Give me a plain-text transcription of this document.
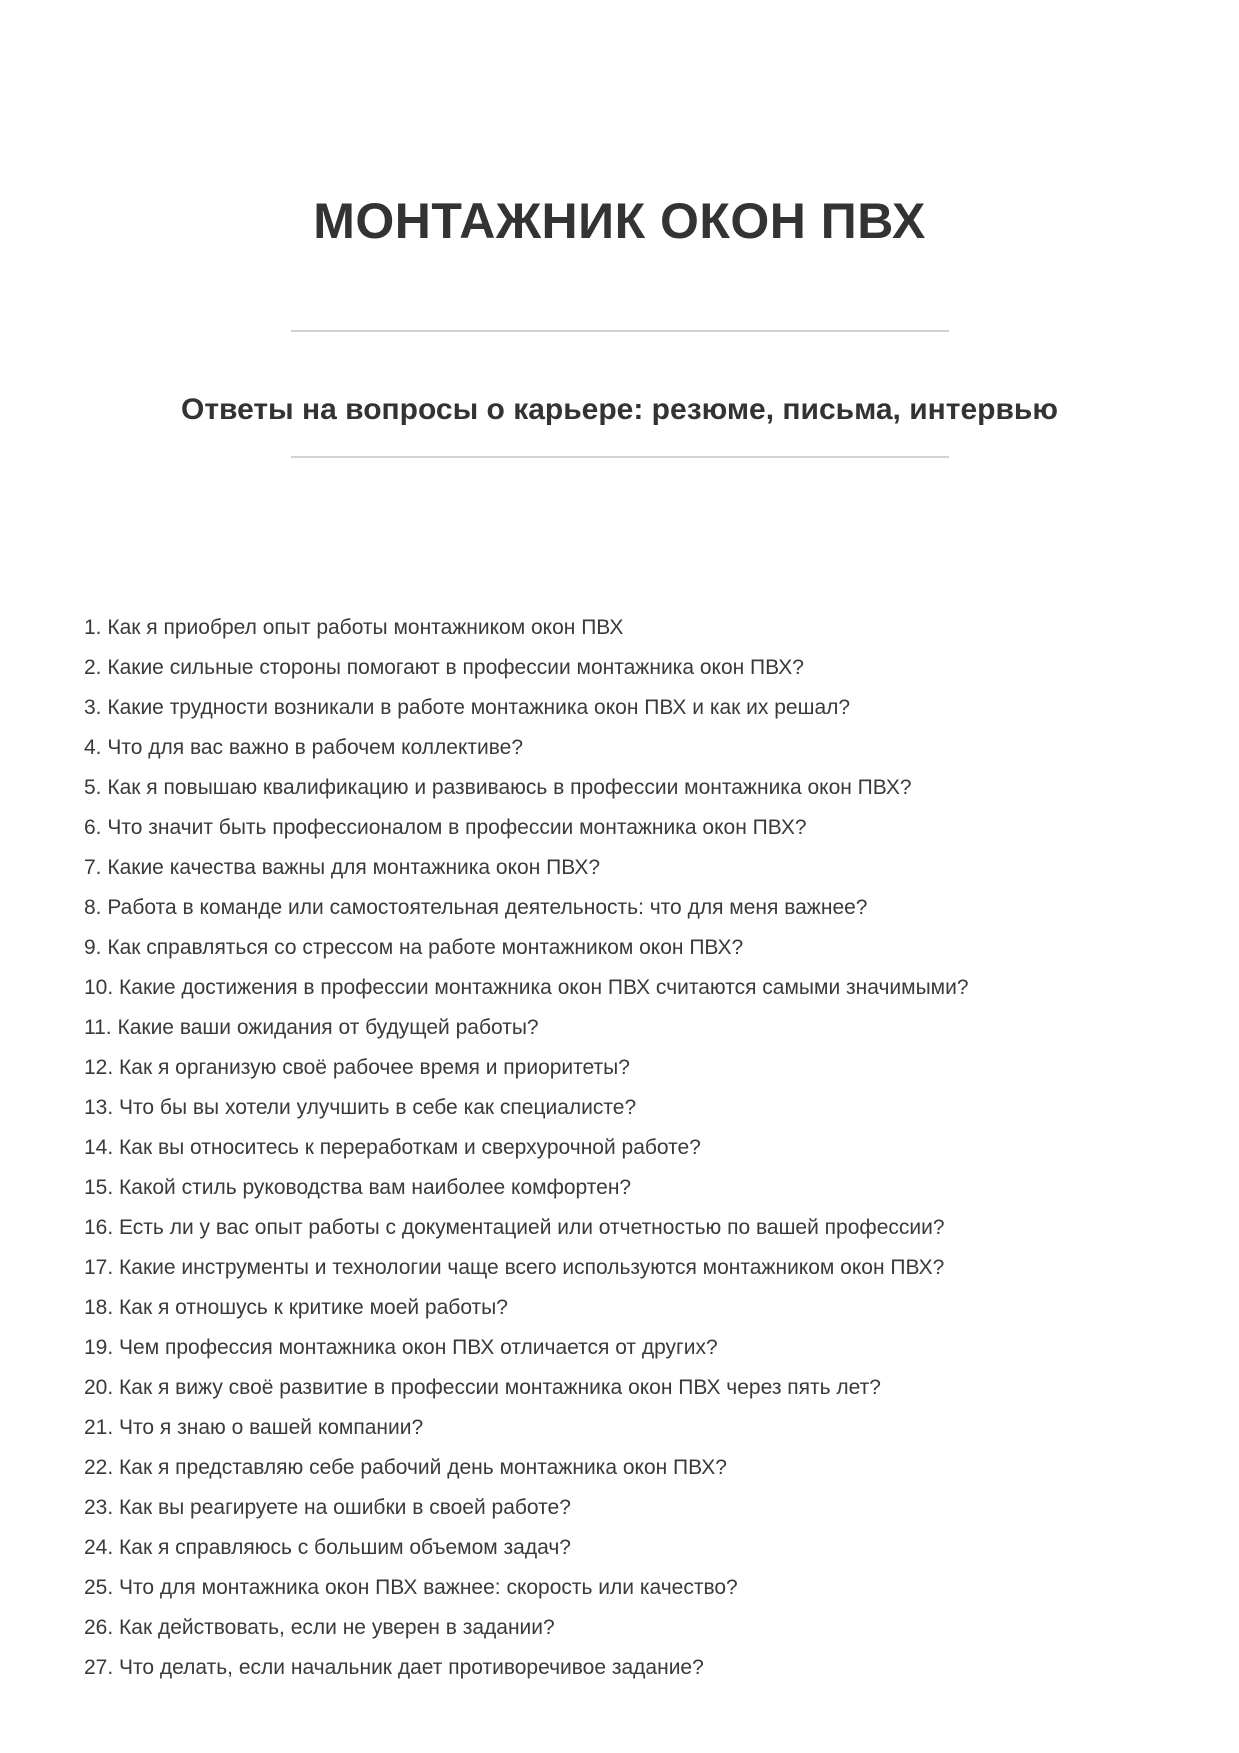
МОНТАЖНИК ОКОН ПВХ
Ответы на вопросы о карьере: резюме, письма, интервью
1. Как я приобрел опыт работы монтажником окон ПВХ
2. Какие сильные стороны помогают в профессии монтажника окон ПВХ?
3. Какие трудности возникали в работе монтажника окон ПВХ и как их решал?
4. Что для вас важно в рабочем коллективе?
5. Как я повышаю квалификацию и развиваюсь в профессии монтажника окон ПВХ?
6. Что значит быть профессионалом в профессии монтажника окон ПВХ?
7. Какие качества важны для монтажника окон ПВХ?
8. Работа в команде или самостоятельная деятельность: что для меня важнее?
9. Как справляться со стрессом на работе монтажником окон ПВХ?
10. Какие достижения в профессии монтажника окон ПВХ считаются самыми значимыми?
11. Какие ваши ожидания от будущей работы?
12. Как я организую своё рабочее время и приоритеты?
13. Что бы вы хотели улучшить в себе как специалисте?
14. Как вы относитесь к переработкам и сверхурочной работе?
15. Какой стиль руководства вам наиболее комфортен?
16. Есть ли у вас опыт работы с документацией или отчетностью по вашей профессии?
17. Какие инструменты и технологии чаще всего используются монтажником окон ПВХ?
18. Как я отношусь к критике моей работы?
19. Чем профессия монтажника окон ПВХ отличается от других?
20. Как я вижу своё развитие в профессии монтажника окон ПВХ через пять лет?
21. Что я знаю о вашей компании?
22. Как я представляю себе рабочий день монтажника окон ПВХ?
23. Как вы реагируете на ошибки в своей работе?
24. Как я справляюсь с большим объемом задач?
25. Что для монтажника окон ПВХ важнее: скорость или качество?
26. Как действовать, если не уверен в задании?
27. Что делать, если начальник дает противоречивое задание?
